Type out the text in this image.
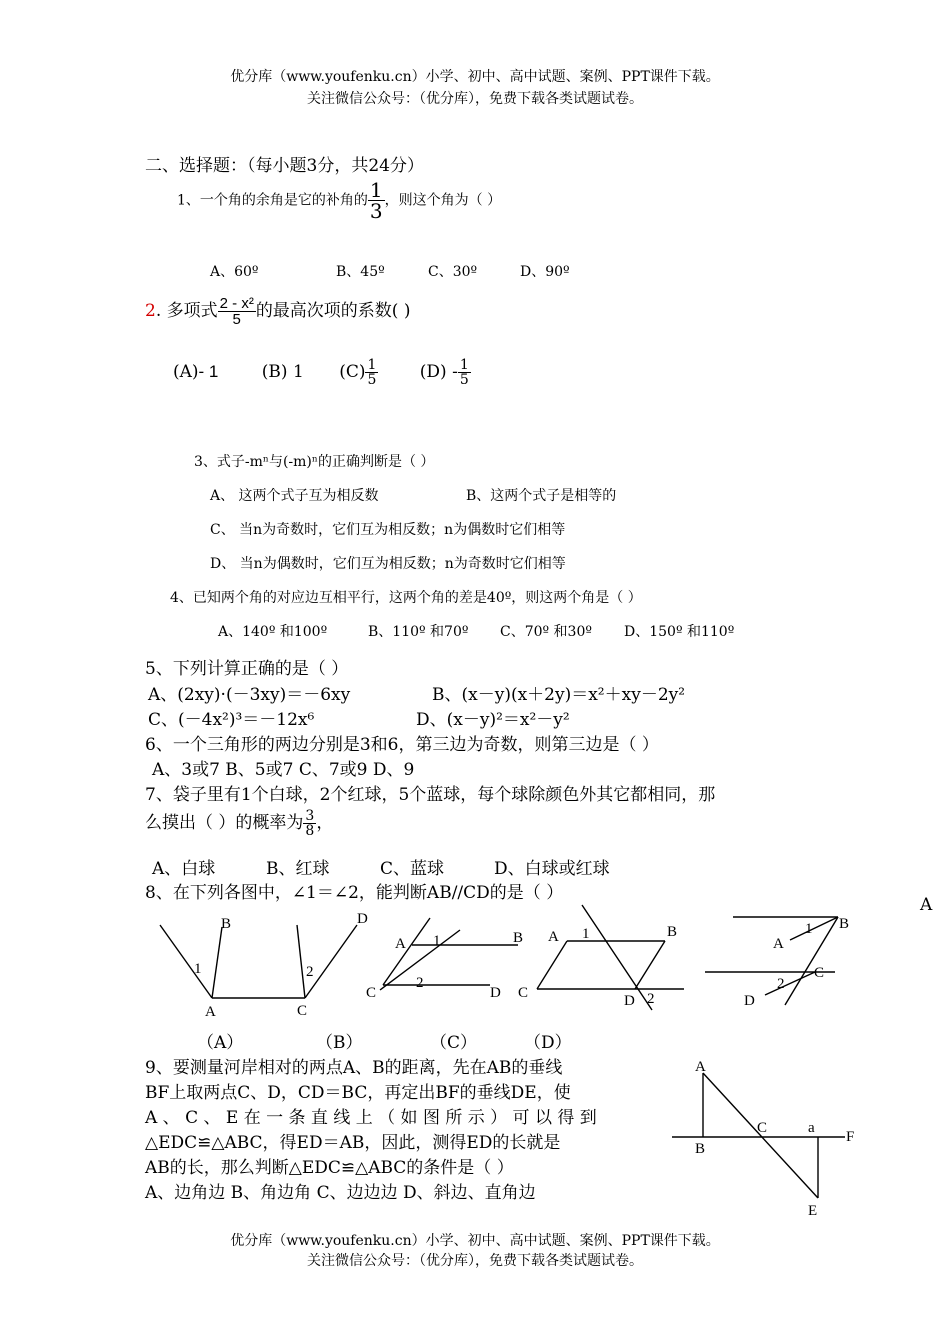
优分库（www.youfenku.cn）小学、初中、高中试题、案例、PPT课件下载。
关注微信公众号：（优分库），免费下载各类试题试卷。
二、选择题：（每小题3分，共24分）
1、一个角的余角是它的补角的 $\frac{1}{3}$ ，则这个角为（ ）
A、60º	B、45º	C、30º	D、90º
2. 多项式 $\frac{\text{2 - x²}}{5}$ 的最高次项的系数( )
(A)- 1	(B) 1 $(C) \frac{1}{5} (D) - \frac{1}{5}$
3、式子-mⁿ与(-m)ⁿ的正确判断是（ ）
A、 这两个式子互为相反数	B、这两个式子是相等的
C、 当n为奇数时，它们互为相反数；n为偶数时它们相等
D、 当n为偶数时，它们互为相反数；n为奇数时它们相等
4、已知两个角的对应边互相平行，这两个角的差是40º，则这两个角是（ ）
A、140º 和100º	B、110º 和70º C、70º 和30º D、150º 和110º
5、下列计算正确的是（ ）
A、(2xy)·(－3xy)＝－6xy	B、(x－y)(x＋2y)＝x²＋xy－2y²
C、(－4x²)³＝－12x⁶	D、(x－y)²＝x²－y²
6、一个三角形的两边分别是3和6，第三边为奇数，则第三边是（ ）
A、3或7 B、5或7 C、7或9 D、9
7、袋子里有1个白球，2个红球，5个蓝球，每个球除颜色外其它都相同，那
么摸出（ ）的概率为 $\frac{3}{8}$ ，
A、白球	B、红球	C、蓝球	D、白球或红球
8、在下列各图中，∠1＝∠2，能判断AB//CD的是（ ）
A
B	D
1	2
A	C
A 1	B
2
C	D
A 1	B
C	D 2
B
1
A
C
2
D
A
B
C	a
F
E
（A）	（B）	（C）	（D）
9、要测量河岸相对的两点A、B的距离，先在AB的垂线
BF上取两点C、D，CD＝BC，再定出BF的垂线DE，使
A 、 C 、 E 在 一 条 直 线 上 （ 如 图 所 示 ） 可 以 得 到
△EDC≌△ABC，得ED＝AB，因此，测得ED的长就是
AB的长，那么判断△EDC≌△ABC的条件是（ ）
A、边角边 B、角边角 C、边边边 D、斜边、直角边
优分库（www.youfenku.cn）小学、初中、高中试题、案例、PPT课件下载。
关注微信公众号：（优分库），免费下载各类试题试卷。
